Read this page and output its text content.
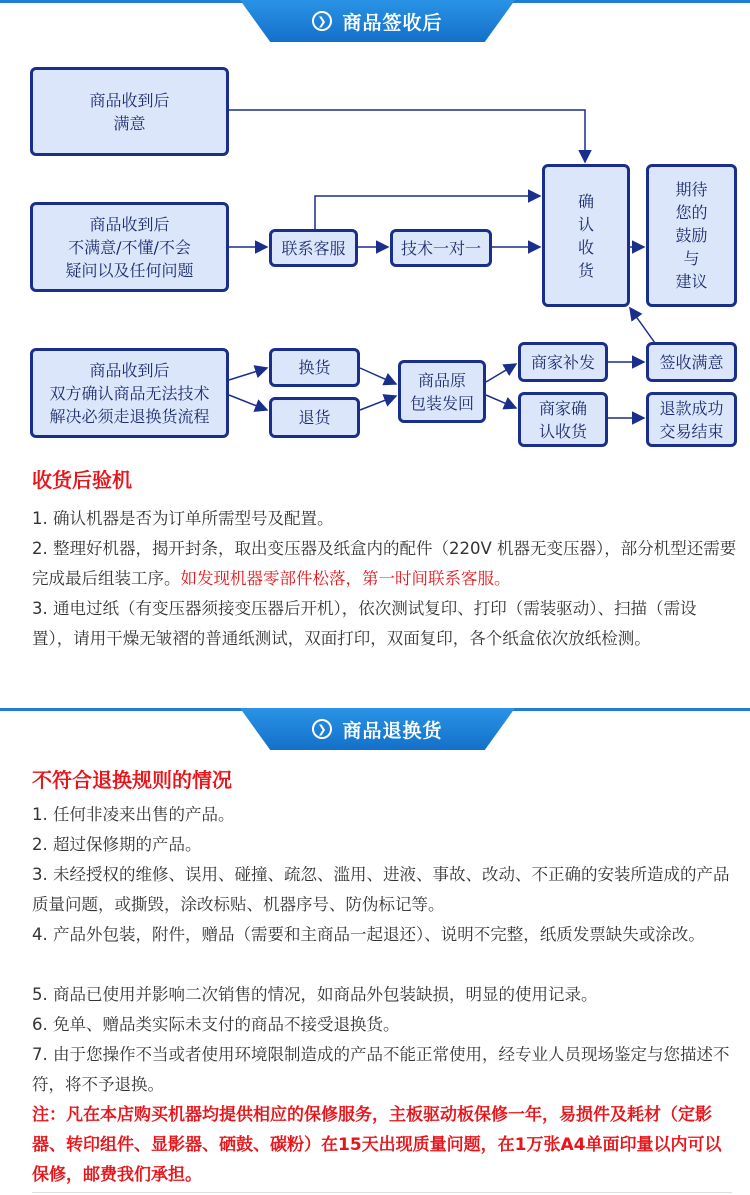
❯ 商品签收后
商品收到后
满意
商品收到后
不满意/不懂/不会
疑问以及任何问题
商品收到后
双方确认商品无法技术
解决必须走退换货流程
联系客服	技术一对一
确
认
收
货
期待
您的
鼓励
与
建议
换货
退货
商品原
包装发回
商家补发
商家确
认收货
签收满意
退款成功
交易结束
收货后验机
1. 确认机器是否为订单所需型号及配置。
2. 整理好机器，揭开封条，取出变压器及纸盒内的配件（220V 机器无变压器），部分机型还需要完成最后组装工序。如发现机器零部件松落，第一时间联系客服。
3. 通电过纸（有变压器须接变压器后开机），依次测试复印、打印（需装驱动）、扫描（需设置），请用干燥无皱褶的普通纸测试，双面打印，双面复印，各个纸盒依次放纸检测。
❯ 商品退换货
不符合退换规则的情况
1. 任何非凌来出售的产品。
2. 超过保修期的产品。
3. 未经授权的维修、误用、碰撞、疏忽、滥用、进液、事故、改动、不正确的安装所造成的产品质量问题，或撕毁，涂改标贴、机器序号、防伪标记等。
4. 产品外包装，附件，赠品（需要和主商品一起退还）、说明不完整，纸质发票缺失或涂改。
5. 商品已使用并影响二次销售的情况，如商品外包装缺损，明显的使用记录。
6. 免单、赠品类实际未支付的商品不接受退换货。
7. 由于您操作不当或者使用环境限制造成的产品不能正常使用，经专业人员现场鉴定与您描述不符，将不予退换。
注：凡在本店购买机器均提供相应的保修服务，主板驱动板保修一年，易损件及耗材（定影器、转印组件、显影器、硒鼓、碳粉）在15天出现质量问题，在1万张A4单面印量以内可以保修，邮费我们承担。
